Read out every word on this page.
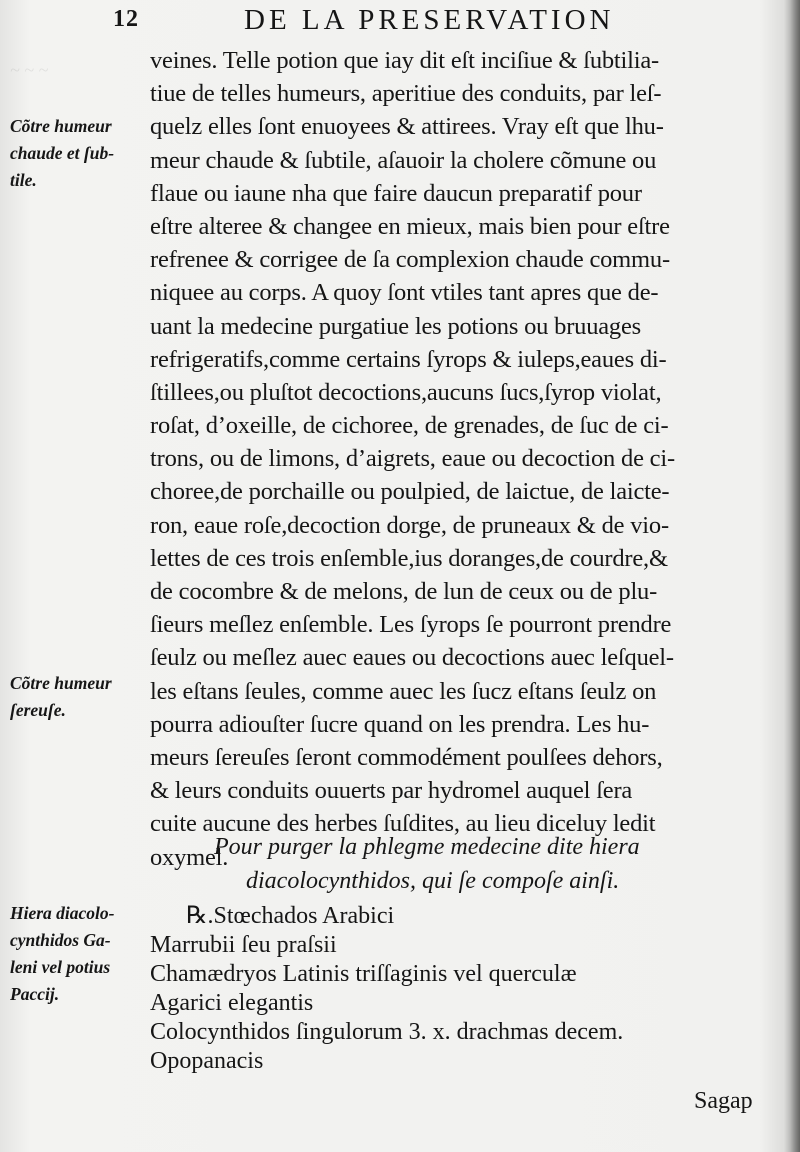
~ ~ ~
12	DE LA PRESERVATION
veines. Telle potion que iay dit eſt inciſiue & ſubtilia-
tiue de telles humeurs, aperitiue des conduits, par leſ-
quelz elles ſont enuoyees & attirees. Vray eſt que lhu-
meur chaude & ſubtile, aſauoir la cholere cõmune ou
flaue ou iaune nha que faire daucun preparatif pour
eſtre alteree & changee en mieux, mais bien pour eſtre
refrenee & corrigee de ſa complexion chaude commu-
niquee au corps. A quoy ſont vtiles tant apres que de-
uant la medecine purgatiue les potions ou bruuages
refrigeratifs,comme certains ſyrops & iuleps,eaues di-
ſtillees,ou pluſtot decoctions,aucuns ſucs,ſyrop violat,
roſat, d’oxeille, de cichoree, de grenades, de ſuc de ci-
trons, ou de limons, d’aigrets, eaue ou decoction de ci-
choree,de porchaille ou poulpied, de laictue, de laicte-
ron, eaue roſe,decoction dorge, de pruneaux & de vio-
lettes de ces trois enſemble,ius doranges,de courdre,&
de cocombre & de melons, de lun de ceux ou de plu-
ſieurs meſlez enſemble. Les ſyrops ſe pourront prendre
ſeulz ou meſlez auec eaues ou decoctions auec leſquel-
les eſtans ſeules, comme auec les ſucz eſtans ſeulz on
pourra adiouſter ſucre quand on les prendra. Les hu-
meurs ſereuſes ſeront commodément poulſees dehors,
& leurs conduits ouuerts par hydromel auquel ſera
cuite aucune des herbes ſuſdites, au lieu diceluy ledit
oxymel.
Pour purger la phlegme medecine dite hiera
diacolocynthidos, qui ſe compoſe ainſi.
℞.Stœchados Arabici
Marrubii ſeu praſsii
Chamædryos Latinis triſſaginis vel querculæ
Agarici elegantis
Colocynthidos ſingulorum 3. x. drachmas decem.
Opopanacis
Cõtre humeur
chaude et ſub-
tile.
Cõtre humeur
ſereuſe.
Hiera diacolo-
cynthidos Ga-
leni vel potius
Paccij.
Sagap
